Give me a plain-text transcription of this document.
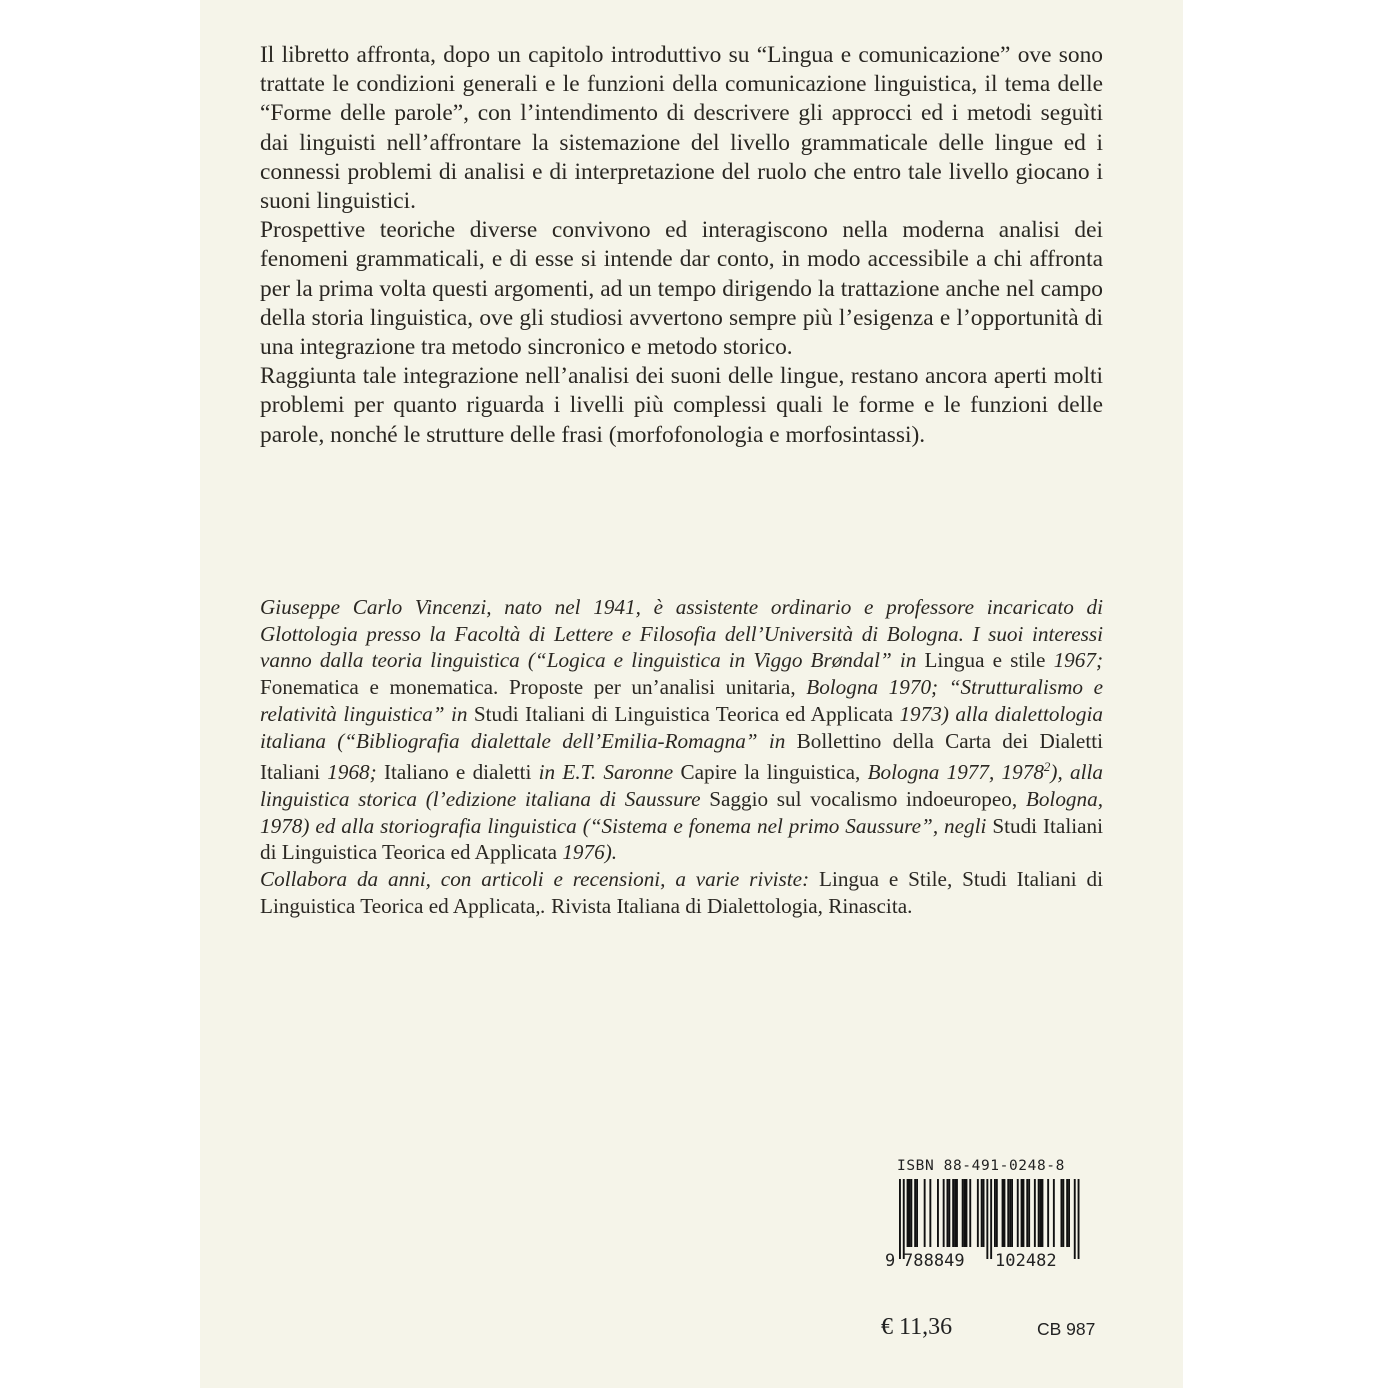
Il libretto affronta, dopo un capitolo introduttivo su “Lingua e comunicazione” ove sono trattate le condizioni generali e le funzioni della comunicazione linguistica, il tema delle “Forme delle parole”, con l’intendimento di descrivere gli approcci ed i metodi seguìti dai linguisti nell’affrontare la sistemazione del livello grammaticale delle lingue ed i connessi problemi di analisi e di interpretazione del ruolo che entro tale livello giocano i suoni linguistici.

Prospettive teoriche diverse convivono ed interagiscono nella moderna analisi dei fenomeni grammaticali, e di esse si intende dar conto, in modo accessibile a chi affronta per la prima volta questi argomenti, ad un tempo dirigendo la trattazione anche nel campo della storia linguistica, ove gli studiosi avvertono sempre più l’esigenza e l’opportunità di una integrazione tra metodo sincronico e metodo storico.

Raggiunta tale integrazione nell’analisi dei suoni delle lingue, restano ancora aperti molti problemi per quanto riguarda i livelli più complessi quali le forme e le funzioni delle parole, nonché le strutture delle frasi (morfofonologia e morfosintassi).

Giuseppe Carlo Vincenzi, nato nel 1941, è assistente ordinario e professore incaricato di Glottologia presso la Facoltà di Lettere e Filosofia dell’Università di Bologna. I suoi interessi vanno dalla teoria linguistica (“Logica e linguistica in Viggo Brøndal” in Lingua e stile 1967; Fonematica e monematica. Proposte per un’analisi unitaria, Bologna 1970; “Strutturalismo e relatività linguistica” in Studi Italiani di Linguistica Teorica ed Applicata 1973) alla dialettologia italiana (“Bibliografia dialettale dell’Emilia-Romagna” in Bollettino della Carta dei Dialetti Italiani 1968; Italiano e dialetti in E.T. Saronne Capire la linguistica, Bologna 1977, 1978$^2$), alla linguistica storica (l’edizione italiana di Saussure Saggio sul vocalismo indoeuropeo, Bologna, 1978) ed alla storiografia linguistica (“Sistema e fonema nel primo Saussure”, negli Studi Italiani di Linguistica Teorica ed Applicata 1976).

Collabora da anni, con articoli e recensioni, a varie riviste: Lingua e Stile, Studi Italiani di Linguistica Teorica ed Applicata,. Rivista Italiana di Dialettologia, Rinascita.

ISBN 88-491-0248-8
9 788849 102482
€ 11,36	CB 987
